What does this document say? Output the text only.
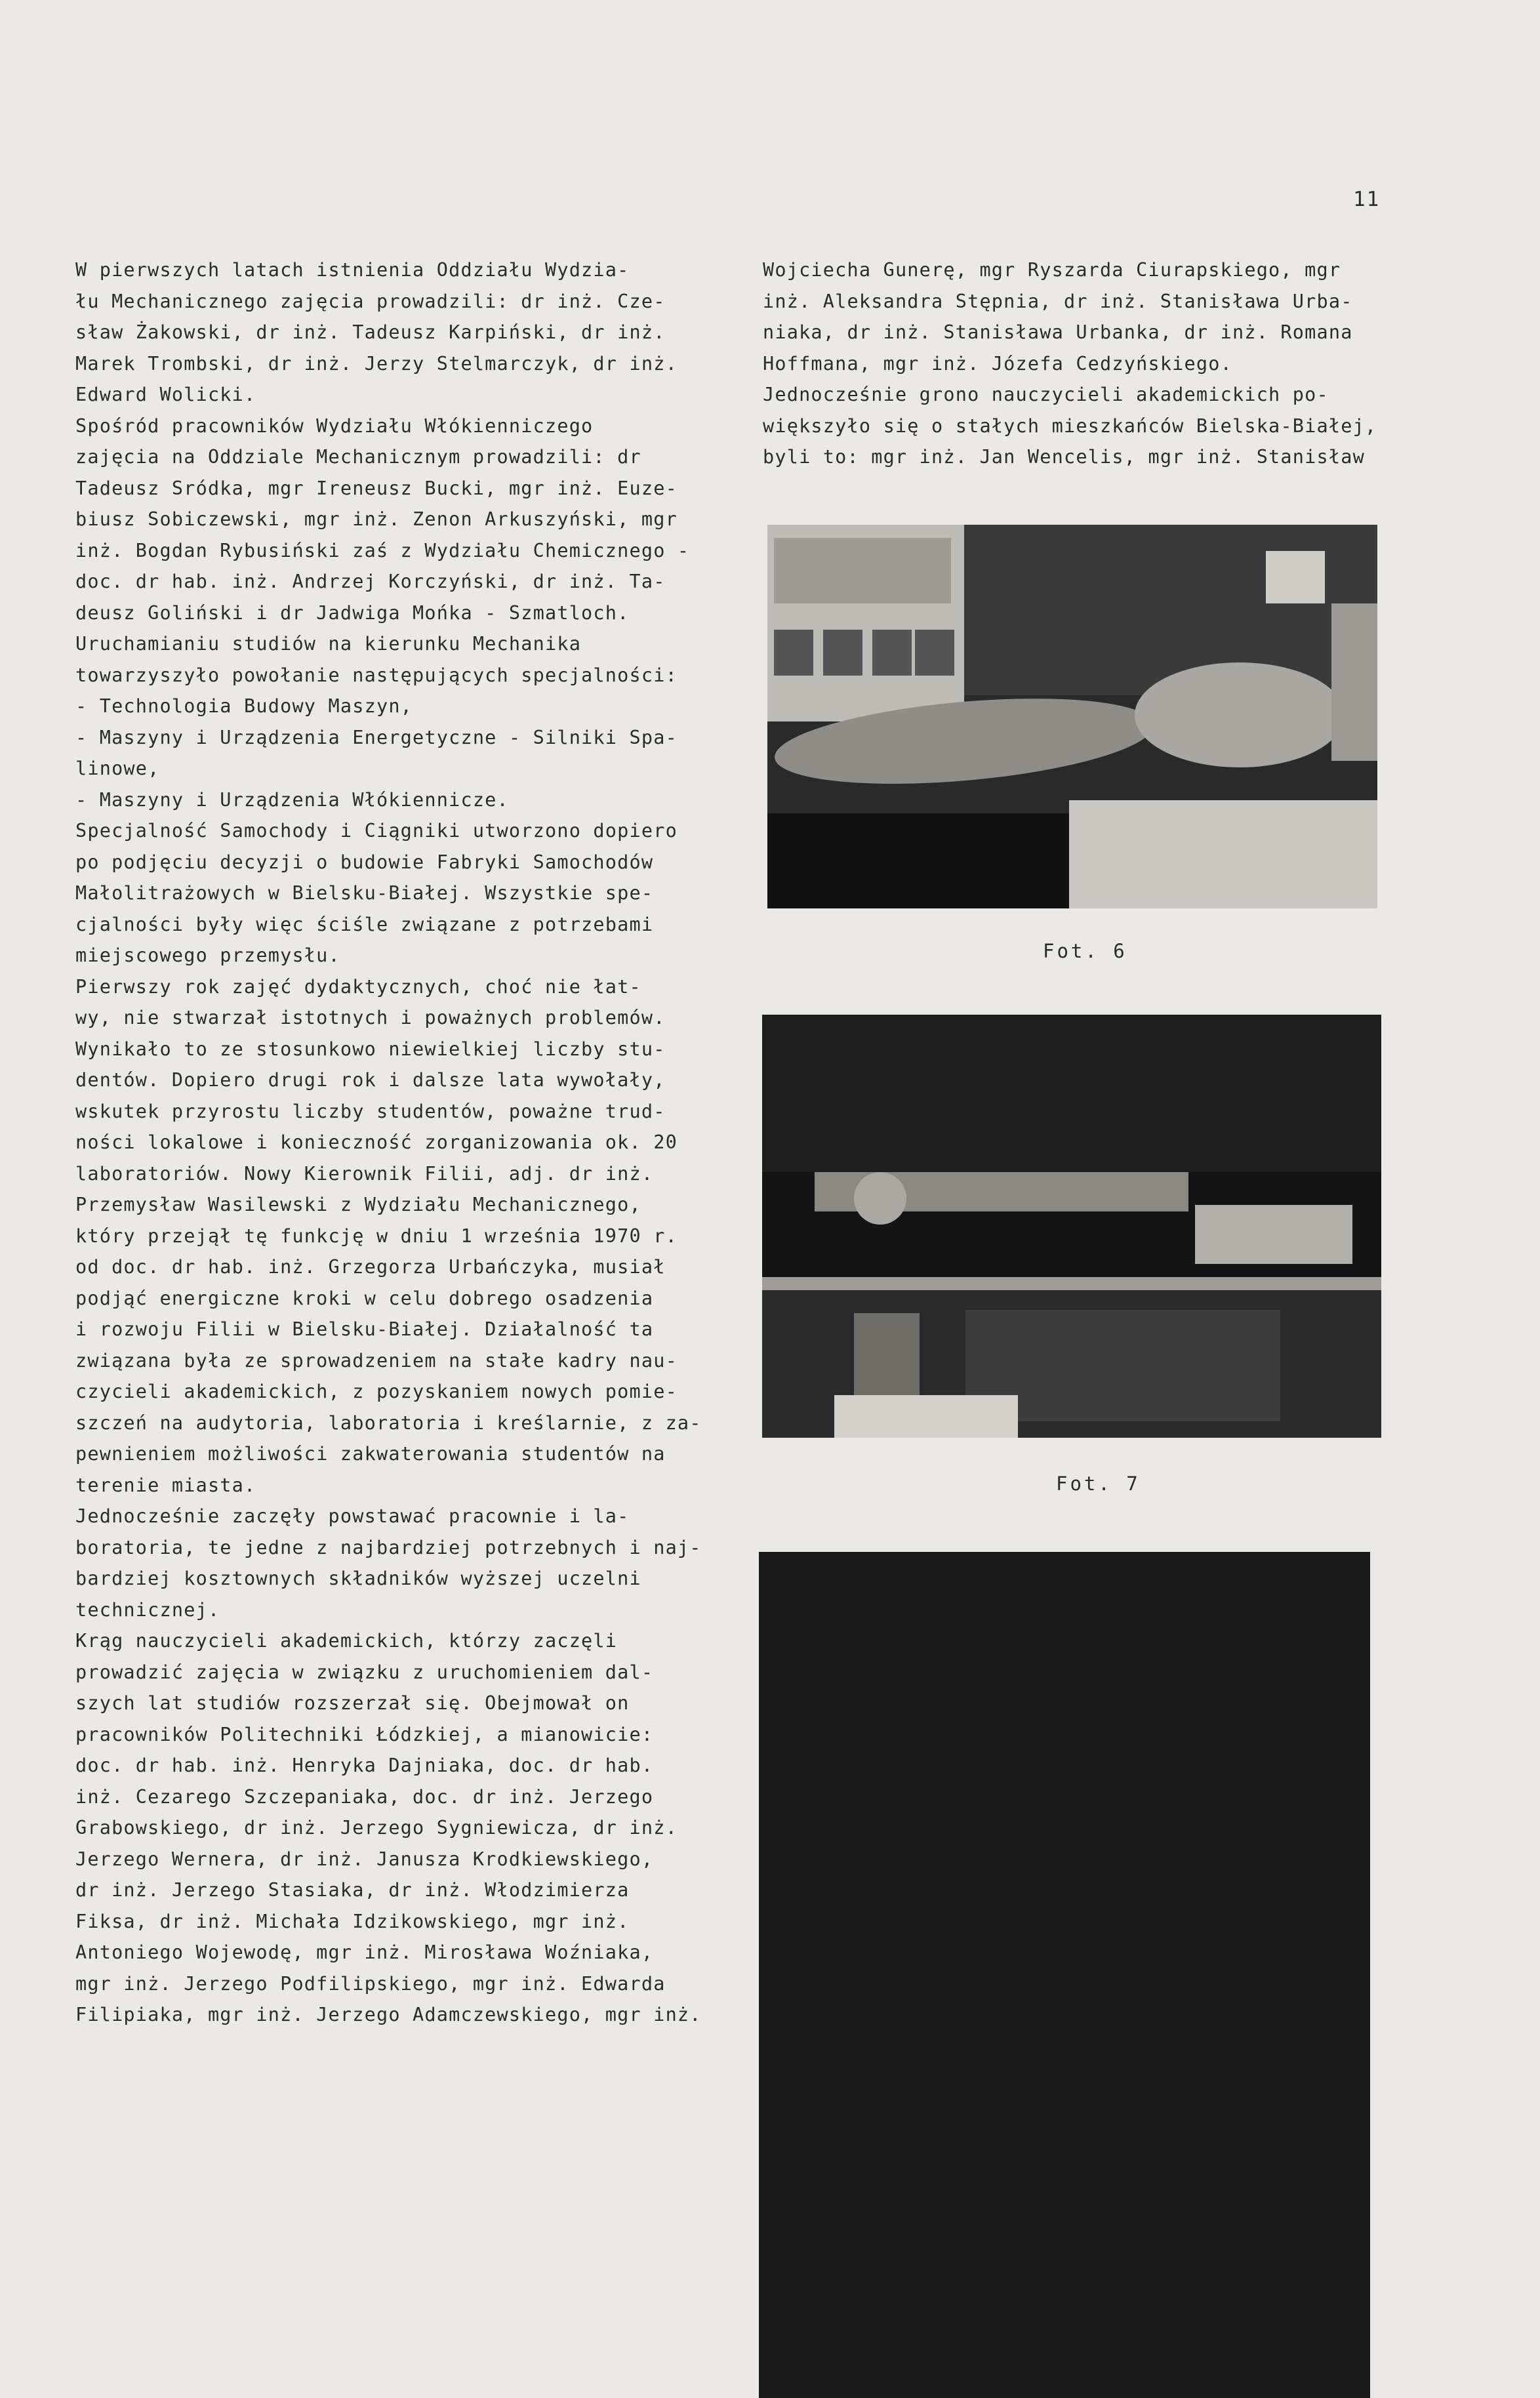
11
W pierwszych latach istnienia Oddziału Wydzia-
łu Mechanicznego zajęcia prowadzili: dr inż. Cze-
sław Żakowski, dr inż. Tadeusz Karpiński, dr inż.
Marek Trombski, dr inż. Jerzy Stelmarczyk, dr inż.
Edward Wolicki.
Spośród pracowników Wydziału Włókienniczego
zajęcia na Oddziale Mechanicznym prowadzili: dr
Tadeusz Sródka, mgr Ireneusz Bucki, mgr inż. Euze-
biusz Sobiczewski, mgr inż. Zenon Arkuszyński, mgr
inż. Bogdan Rybusiński zaś z Wydziału Chemicznego -
doc. dr hab. inż. Andrzej Korczyński, dr inż. Ta-
deusz Goliński i dr Jadwiga Mońka - Szmatloch.
Uruchamianiu studiów na kierunku Mechanika
towarzyszyło powołanie następujących specjalności:
- Technologia Budowy Maszyn,
- Maszyny i Urządzenia Energetyczne - Silniki Spa-
linowe,
- Maszyny i Urządzenia Włókiennicze.
Specjalność Samochody i Ciągniki utworzono dopiero
po podjęciu decyzji o budowie Fabryki Samochodów
Małolitrażowych w Bielsku-Białej. Wszystkie spe-
cjalności były więc ściśle związane z potrzebami
miejscowego przemysłu.
Pierwszy rok zajęć dydaktycznych, choć nie łat-
wy, nie stwarzał istotnych i poważnych problemów.
Wynikało to ze stosunkowo niewielkiej liczby stu-
dentów. Dopiero drugi rok i dalsze lata wywołały,
wskutek przyrostu liczby studentów, poważne trud-
ności lokalowe i konieczność zorganizowania ok. 20
laboratoriów. Nowy Kierownik Filii, adj. dr inż.
Przemysław Wasilewski z Wydziału Mechanicznego,
który przejął tę funkcję w dniu 1 września 1970 r.
od doc. dr hab. inż. Grzegorza Urbańczyka, musiał
podjąć energiczne kroki w celu dobrego osadzenia
i rozwoju Filii w Bielsku-Białej. Działalność ta
związana była ze sprowadzeniem na stałe kadry nau-
czycieli akademickich, z pozyskaniem nowych pomie-
szczeń na audytoria, laboratoria i kreślarnie, z za-
pewnieniem możliwości zakwaterowania studentów na
terenie miasta.
Jednocześnie zaczęły powstawać pracownie i la-
boratoria, te jedne z najbardziej potrzebnych i naj-
bardziej kosztownych składników wyższej uczelni
technicznej.
Krąg nauczycieli akademickich, którzy zaczęli
prowadzić zajęcia w związku z uruchomieniem dal-
szych lat studiów rozszerzał się. Obejmował on
pracowników Politechniki Łódzkiej, a mianowicie:
doc. dr hab. inż. Henryka Dajniaka, doc. dr hab.
inż. Cezarego Szczepaniaka, doc. dr inż. Jerzego
Grabowskiego, dr inż. Jerzego Sygniewicza, dr inż.
Jerzego Wernera, dr inż. Janusza Krodkiewskiego,
dr inż. Jerzego Stasiaka, dr inż. Włodzimierza
Fiksa, dr inż. Michała Idzikowskiego, mgr inż.
Antoniego Wojewodę, mgr inż. Mirosława Woźniaka,
mgr inż. Jerzego Podfilipskiego, mgr inż. Edwarda
Filipiaka, mgr inż. Jerzego Adamczewskiego, mgr inż.
Wojciecha Gunerę, mgr Ryszarda Ciurapskiego, mgr
inż. Aleksandra Stępnia, dr inż. Stanisława Urba-
niaka, dr inż. Stanisława Urbanka, dr inż. Romana
Hoffmana, mgr inż. Józefa Cedzyńskiego.
Jednocześnie grono nauczycieli akademickich po-
większyło się o stałych mieszkańców Bielska-Białej,
byli to: mgr inż. Jan Wencelis, mgr inż. Stanisław
Fot. 6
Fot. 7
